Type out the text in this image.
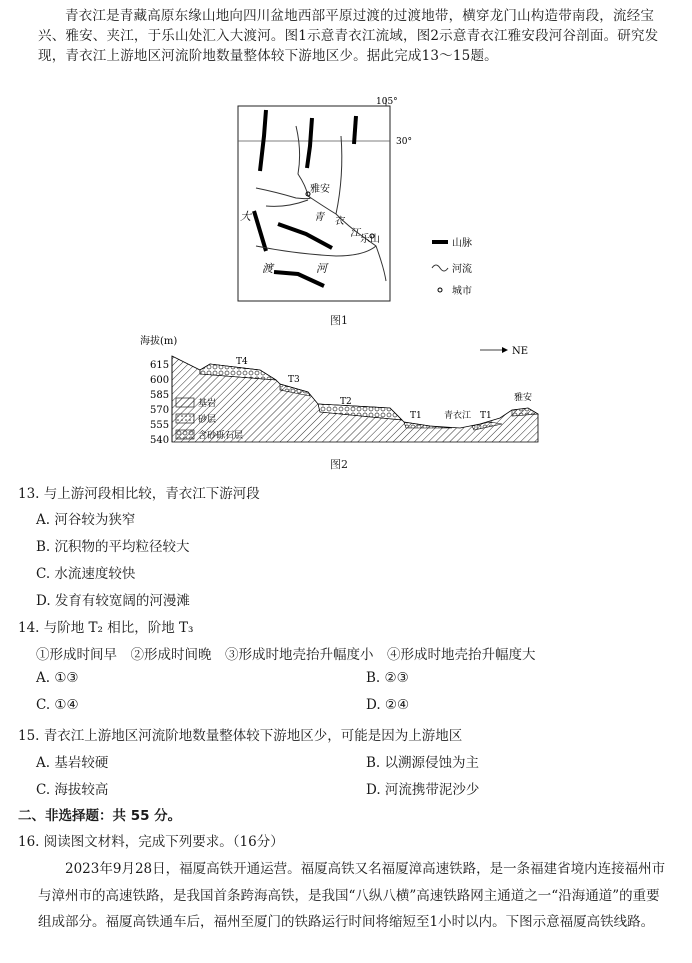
青衣江是青藏高原东缘山地向四川盆地西部平原过渡的过渡地带，横穿龙门山构造带南段，流经宝兴、雅安、夹江，于乐山处汇入大渡河。图1示意青衣江流域，图2示意青衣江雅安段河谷剖面。研究发现，青衣江上游地区河流阶地数量整体较下游地区少。据此完成13～15题。
105°
30°
雅安
青 衣
江
乐山
大
渡	河
山脉
河流
城市
图1
海拔(m)
615
600
585
570
555
540
T4
T3
T2
T1	T1
青衣江
雅安
NE
基岩
砂层
含砂砾石层
图2
13. 与上游河段相比较，青衣江下游河段
A. 河谷较为狭窄
B. 沉积物的平均粒径较大
C. 水流速度较快
D. 发育有较宽阔的河漫滩
14. 与阶地 T₂ 相比，阶地 T₃
①形成时间早　②形成时间晚　③形成时地壳抬升幅度小　④形成时地壳抬升幅度大
A. ①③	B. ②③
C. ①④	D. ②④
15. 青衣江上游地区河流阶地数量整体较下游地区少，可能是因为上游地区
A. 基岩较硬	B. 以溯源侵蚀为主
C. 海拔较高	D. 河流携带泥沙少
二、非选择题：共 55 分。
16. 阅读图文材料，完成下列要求。（16分）
2023年9月28日，福厦高铁开通运营。福厦高铁又名福厦漳高速铁路，是一条福建省境内连接福州市与漳州市的高速铁路，是我国首条跨海高铁，是我国“八纵八横”高速铁路网主通道之一“沿海通道”的重要组成部分。福厦高铁通车后，福州至厦门的铁路运行时间将缩短至1小时以内。下图示意福厦高铁线路。
